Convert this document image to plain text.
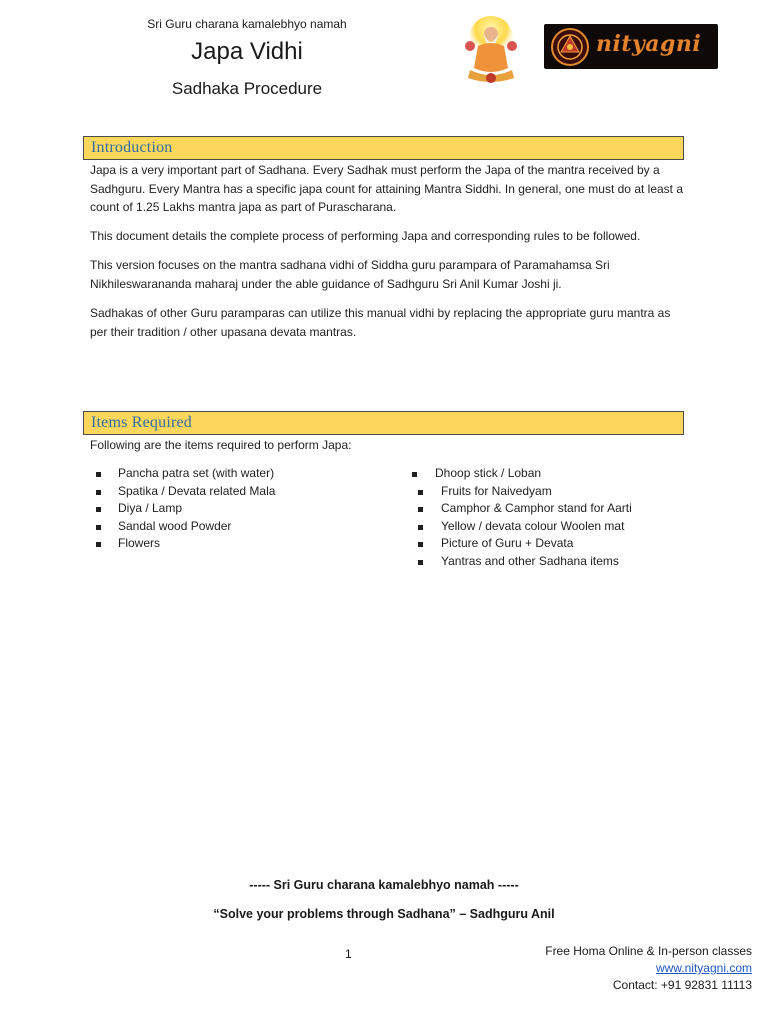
Sri Guru charana kamalebhyo namah
Japa Vidhi
Sadhaka Procedure
nityagni
Introduction
Japa is a very important part of Sadhana. Every Sadhak must perform the Japa of the mantra received by a Sadhguru. Every Mantra has a specific japa count for attaining Mantra Siddhi. In general, one must do at least a count of 1.25 Lakhs mantra japa as part of Purascharana.
This document details the complete process of performing Japa and corresponding rules to be followed.
This version focuses on the mantra sadhana vidhi of Siddha guru parampara of Paramahamsa Sri Nikhileswarananda maharaj under the able guidance of Sadhguru Sri Anil Kumar Joshi ji.
Sadhakas of other Guru paramparas can utilize this manual vidhi by replacing the appropriate guru mantra as per their tradition / other upasana devata mantras.
Items Required
Following are the items required to perform Japa:
Pancha patra set (with water)
Spatika / Devata related Mala
Diya / Lamp
Sandal wood Powder
Flowers
Dhoop stick / Loban
Fruits for Naivedyam
Camphor & Camphor stand for Aarti
Yellow / devata colour Woolen mat
Picture of Guru + Devata
Yantras and other Sadhana items
----- Sri Guru charana kamalebhyo namah -----
“Solve your problems through Sadhana” – Sadhguru Anil
1	Free Homa Online & In-person classes
www.nityagni.com
Contact: +91 92831 11113
